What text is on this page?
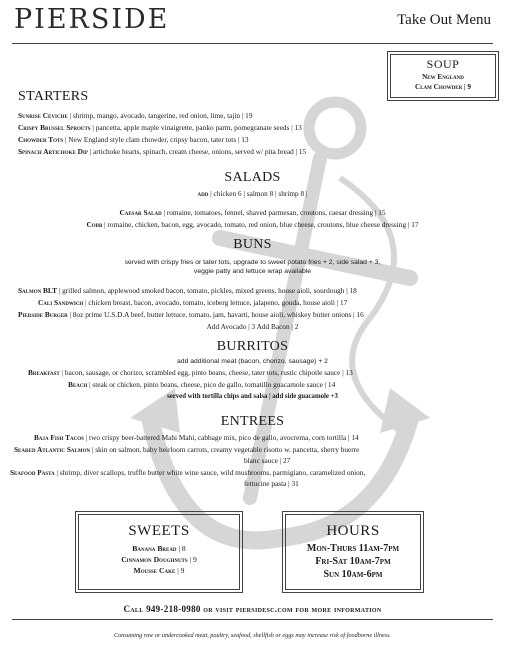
PIERSIDE	Take Out Menu
SOUP
New England
Clam Chowder | 9
STARTERS
Sunrise Ceviche | shrimp, mango, avocado, tangerine, red onion, lime, tajin | 19
Crispy Brussel Sprouts | pancetta, apple maple vinaigrette, panko parm, pomegranate seeds | 13
Chowder Tots | New England style clam chowder, cripsy bacon, tater tots | 13
Spinach Artichoke Dip | artichoke hearts, spinach, cream cheese, onions, served w/ pita bread | 15
SALADS
add | chicken 6 | salmon 8 | shrimp 8 |
Caesar Salad | romaine, tomatoes, fennel, shaved parmesan, croutons, caesar dressing | 15
Cobb | romaine, chicken, bacon, egg, avocado, tomato, red onion, blue cheese, croutons, blue cheese dressing | 17
BUNS
served with crispy fries or tater tots, upgrade to sweet potato fries + 2, side salad + 3,
veggie patty and lettuce wrap available
Salmon BLT | grilled salmon, applewood smoked bacon, tomato, pickles, mixed greens, house aioli, sourdough | 18
Cali Sandwich | chicken breast, bacon, avocado, tomato, iceberg lettuce, jalapeno, gouda, house aioli | 17
Pierside Burger | 8oz prime U.S.D.A beef, butter lettuce, tomato, jam, havarti, house aioli, whiskey butter onions | 16
Add Avocado | 3 Add Bacon | 2
BURRITOS
add additional meat (bacon, chorizo, sausage) + 2
Breakfast | bacon, sausage, or chorizo, scrambled egg, pinto beans, cheese, tater tots, rustic chipotle sauce | 13
Beach | steak or chicken, pinto beans, cheese, pico de gallo, tomatillo guacamole sauce | 14
served with tortilla chips and salsa | add side guacamole +3
ENTREES
Baja Fish Tacos | two crispy beer-battered Mahi Mahi, cabbage mix, pico de gallo, avocrema, corn tortilla | 14
Seared Atlantic Salmon | skin on salmon, baby heirloom carrots, creamy vegetable risotto w. pancetta, sherry buerre
blanc sauce | 27
Seafood Pasta | shrimp, diver scallops, truffle butter white wine sauce, wild mushrooms, parmigiano, caramelized onion,
fettucine pasta | 31
SWEETS
Banana Bread | 8
Cinnamon Doughnuts | 9
Mousse Cake | 9
HOURS
Mon-Thurs 11am-7pm
Fri-Sat 10am-7pm
Sun 10am-6pm
Call 949-218-0980 or visit piersidesc.com for more information
Consuming raw or undercooked meat, poultry, seafood, shellfish or eggs may increase risk of foodborne illness.
